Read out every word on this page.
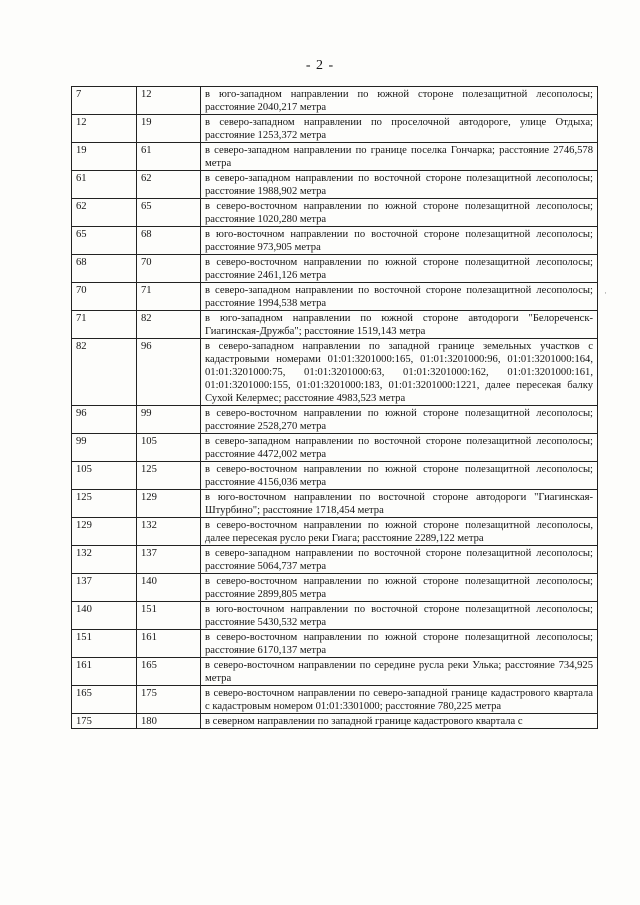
- 2 -
7	12	в юго-западном направлении по южной стороне полезащитной лесополосы; расстояние 2040,217 метра
12	19	в северо-западном направлении по проселочной автодороге, улице Отдыха; расстояние 1253,372 метра
19	61	в северо-западном направлении по границе поселка Гончарка; расстояние 2746,578 метра
61	62	в северо-западном направлении по восточной стороне полезащитной лесополосы; расстояние 1988,902 метра
62	65	в северо-восточном направлении по южной стороне полезащитной лесополосы; расстояние 1020,280 метра
65	68	в юго-восточном направлении по восточной стороне полезащитной лесополосы; расстояние 973,905 метра
68	70	в северо-восточном направлении по южной стороне полезащитной лесополосы; расстояние 2461,126 метра
70	71	в северо-западном направлении по восточной стороне полезащитной лесополосы; расстояние 1994,538 метра
71	82	в юго-западном направлении по южной стороне автодороги "Белореченск-Гиагинская-Дружба"; расстояние 1519,143 метра
82	96	в северо-западном направлении по западной границе земельных участков с кадастровыми номерами 01:01:3201000:165, 01:01:3201000:96, 01:01:3201000:164, 01:01:3201000:75, 01:01:3201000:63, 01:01:3201000:162, 01:01:3201000:161, 01:01:3201000:155, 01:01:3201000:183, 01:01:3201000:1221, далее пересекая балку Сухой Келермес; расстояние 4983,523 метра
96	99	в северо-восточном направлении по южной стороне полезащитной лесополосы; расстояние 2528,270 метра
99	105	в северо-западном направлении по восточной стороне полезащитной лесополосы; расстояние 4472,002 метра
105	125	в северо-восточном направлении по южной стороне полезащитной лесополосы; расстояние 4156,036 метра
125	129	в юго-восточном направлении по восточной стороне автодороги "Гиагинская-Штурбино"; расстояние 1718,454 метра
129	132	в северо-восточном направлении по южной стороне полезащитной лесополосы, далее пересекая русло реки Гиага; расстояние 2289,122 метра
132	137	в северо-западном направлении по восточной стороне полезащитной лесополосы; расстояние 5064,737 метра
137	140	в северо-восточном направлении по южной стороне полезащитной лесополосы; расстояние 2899,805 метра
140	151	в юго-восточном направлении по восточной стороне полезащитной лесополосы; расстояние 5430,532 метра
151	161	в северо-восточном направлении по южной стороне полезащитной лесополосы; расстояние 6170,137 метра
161	165	в северо-восточном направлении по середине русла реки Улька; расстояние 734,925 метра
165	175	в северо-восточном направлении по северо-западной границе кадастрового квартала с кадастровым номером 01:01:3301000; расстояние 780,225 метра
175	180	в северном направлении по западной границе кадастрового квартала с
·
